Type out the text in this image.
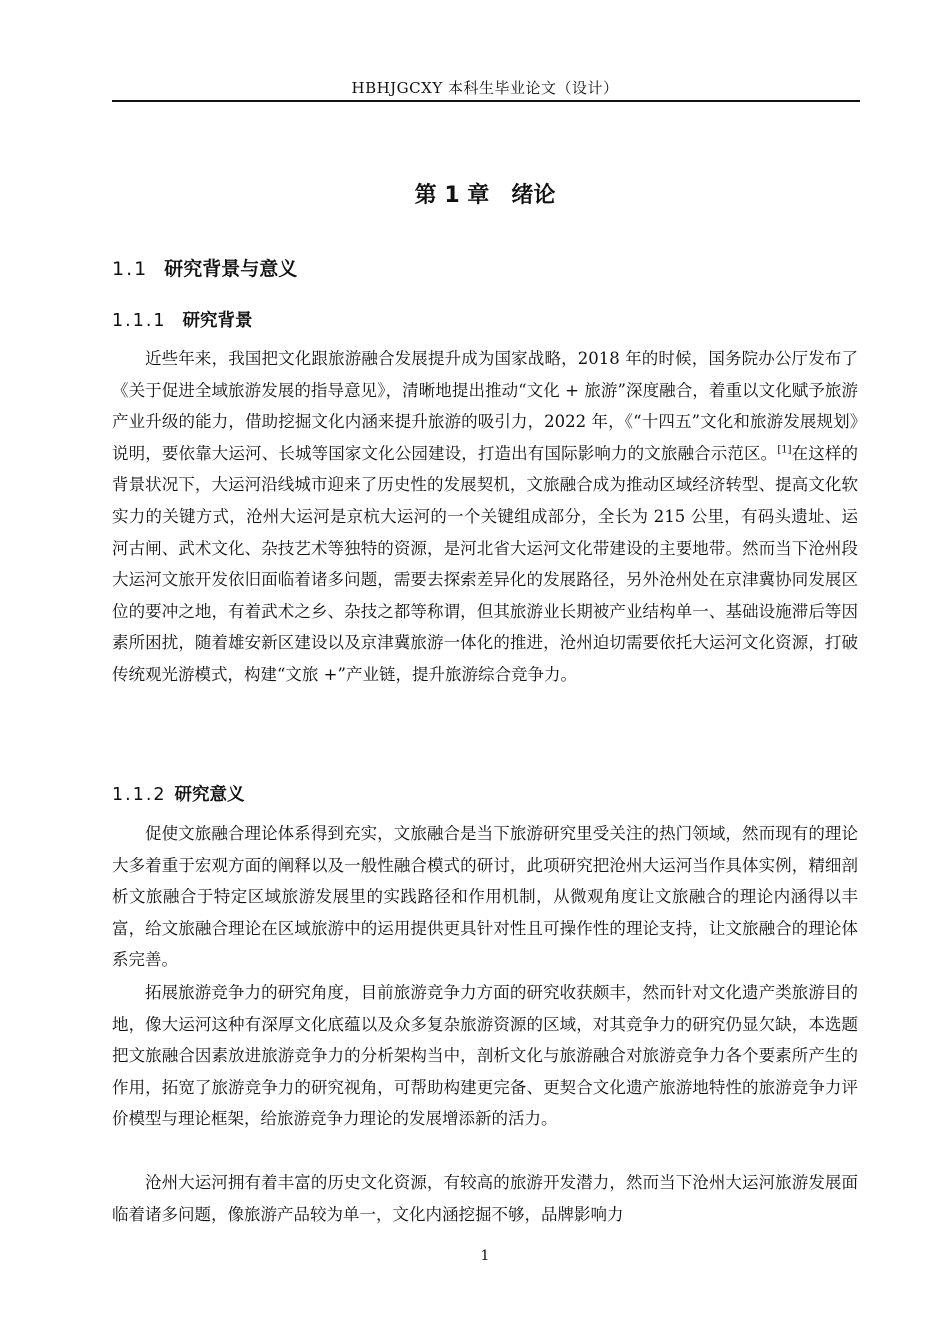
HBHJGCXY 本科生毕业论文（设计）
第 1 章 绪论
1.1 研究背景与意义
1.1.1 研究背景

近些年来，我国把文化跟旅游融合发展提升成为国家战略，2018 年的时候，国务院办公厅发布了《关于促进全域旅游发展的指导意见》，清晰地提出推动“文化 + 旅游”深度融合，着重以文化赋予旅游产业升级的能力，借助挖掘文化内涵来提升旅游的吸引力，2022 年，《“十四五”文化和旅游发展规划》说明，要依靠大运河、长城等国家文化公园建设，打造出有国际影响力的文旅融合示范区。[1]在这样的背景状况下，大运河沿线城市迎来了历史性的发展契机，文旅融合成为推动区域经济转型、提高文化软实力的关键方式，沧州大运河是京杭大运河的一个关键组成部分，全长为 215 公里，有码头遗址、运河古闸、武术文化、杂技艺术等独特的资源，是河北省大运河文化带建设的主要地带。然而当下沧州段大运河文旅开发依旧面临着诸多问题，需要去探索差异化的发展路径，另外沧州处在京津冀协同发展区位的要冲之地，有着武术之乡、杂技之都等称谓，但其旅游业长期被产业结构单一、基础设施滞后等因素所困扰，随着雄安新区建设以及京津冀旅游一体化的推进，沧州迫切需要依托大运河文化资源，打破传统观光游模式，构建“文旅 +”产业链，提升旅游综合竞争力。

1.1.2 研究意义

促使文旅融合理论体系得到充实，文旅融合是当下旅游研究里受关注的热门领域，然而现有的理论大多着重于宏观方面的阐释以及一般性融合模式的研讨，此项研究把沧州大运河当作具体实例，精细剖析文旅融合于特定区域旅游发展里的实践路径和作用机制，从微观角度让文旅融合的理论内涵得以丰富，给文旅融合理论在区域旅游中的运用提供更具针对性且可操作性的理论支持，让文旅融合的理论体系完善。

拓展旅游竞争力的研究角度，目前旅游竞争力方面的研究收获颇丰，然而针对文化遗产类旅游目的地，像大运河这种有深厚文化底蕴以及众多复杂旅游资源的区域，对其竞争力的研究仍显欠缺，本选题把文旅融合因素放进旅游竞争力的分析架构当中，剖析文化与旅游融合对旅游竞争力各个要素所产生的作用，拓宽了旅游竞争力的研究视角，可帮助构建更完备、更契合文化遗产旅游地特性的旅游竞争力评价模型与理论框架，给旅游竞争力理论的发展增添新的活力。

沧州大运河拥有着丰富的历史文化资源，有较高的旅游开发潜力，然而当下沧州大运河旅游发展面临着诸多问题，像旅游产品较为单一，文化内涵挖掘不够，品牌影响力

1
